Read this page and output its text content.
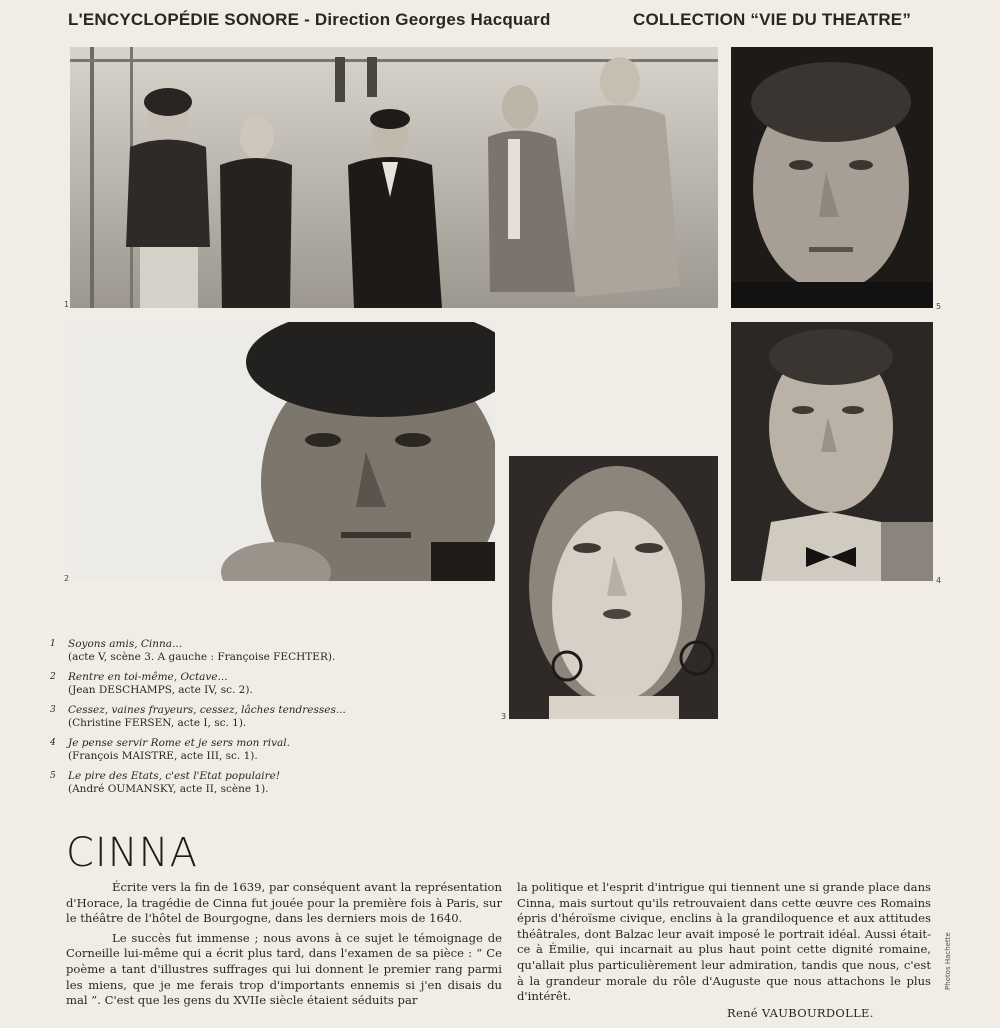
L'ENCYCLOPÉDIE SONORE - Direction Georges Hacquard	COLLECTION “VIE DU THEATRE”
1	5
2
3
4
1 Soyons amis, Cinna...
(acte V, scène 3. A gauche : Françoise FECHTER).
2 Rentre en toi-même, Octave...
(Jean DESCHAMPS, acte IV, sc. 2).
3 Cessez, vaines frayeurs, cessez, lâches tendresses...
(Christine FERSEN, acte I, sc. 1).
4 Je pense servir Rome et je sers mon rival.
(François MAISTRE, acte III, sc. 1).
5 Le pire des Etats, c'est l'Etat populaire!
(André OUMANSKY, acte II, scène 1).
CINNA

Écrite vers la fin de 1639, par conséquent avant la représentation d'Horace, la tragédie de Cinna fut jouée pour la première fois à Paris, sur le théâtre de l'hôtel de Bourgogne, dans les derniers mois de 1640.

Le succès fut immense ; nous avons à ce sujet le témoignage de Corneille lui-même qui a écrit plus tard, dans l'examen de sa pièce : “ Ce poème a tant d'illustres suffrages qui lui donnent le premier rang parmi les miens, que je me ferais trop d'importants ennemis si j'en disais du mal ”. C'est que les gens du XVIIe siècle étaient séduits par

la politique et l'esprit d'intrigue qui tiennent une si grande place dans Cinna, mais surtout qu'ils retrouvaient dans cette œuvre ces Romains épris d'héroïsme civique, enclins à la grandiloquence et aux attitudes théâtrales, dont Balzac leur avait imposé le portrait idéal. Aussi était-ce à Émilie, qui incarnait au plus haut point cette dignité romaine, qu'allait plus particulièrement leur admiration, tandis que nous, c'est à la grandeur morale du rôle d'Auguste que nous attachons le plus d'intérêt.

René VAUBOURDOLLE.
Photos Hachette
